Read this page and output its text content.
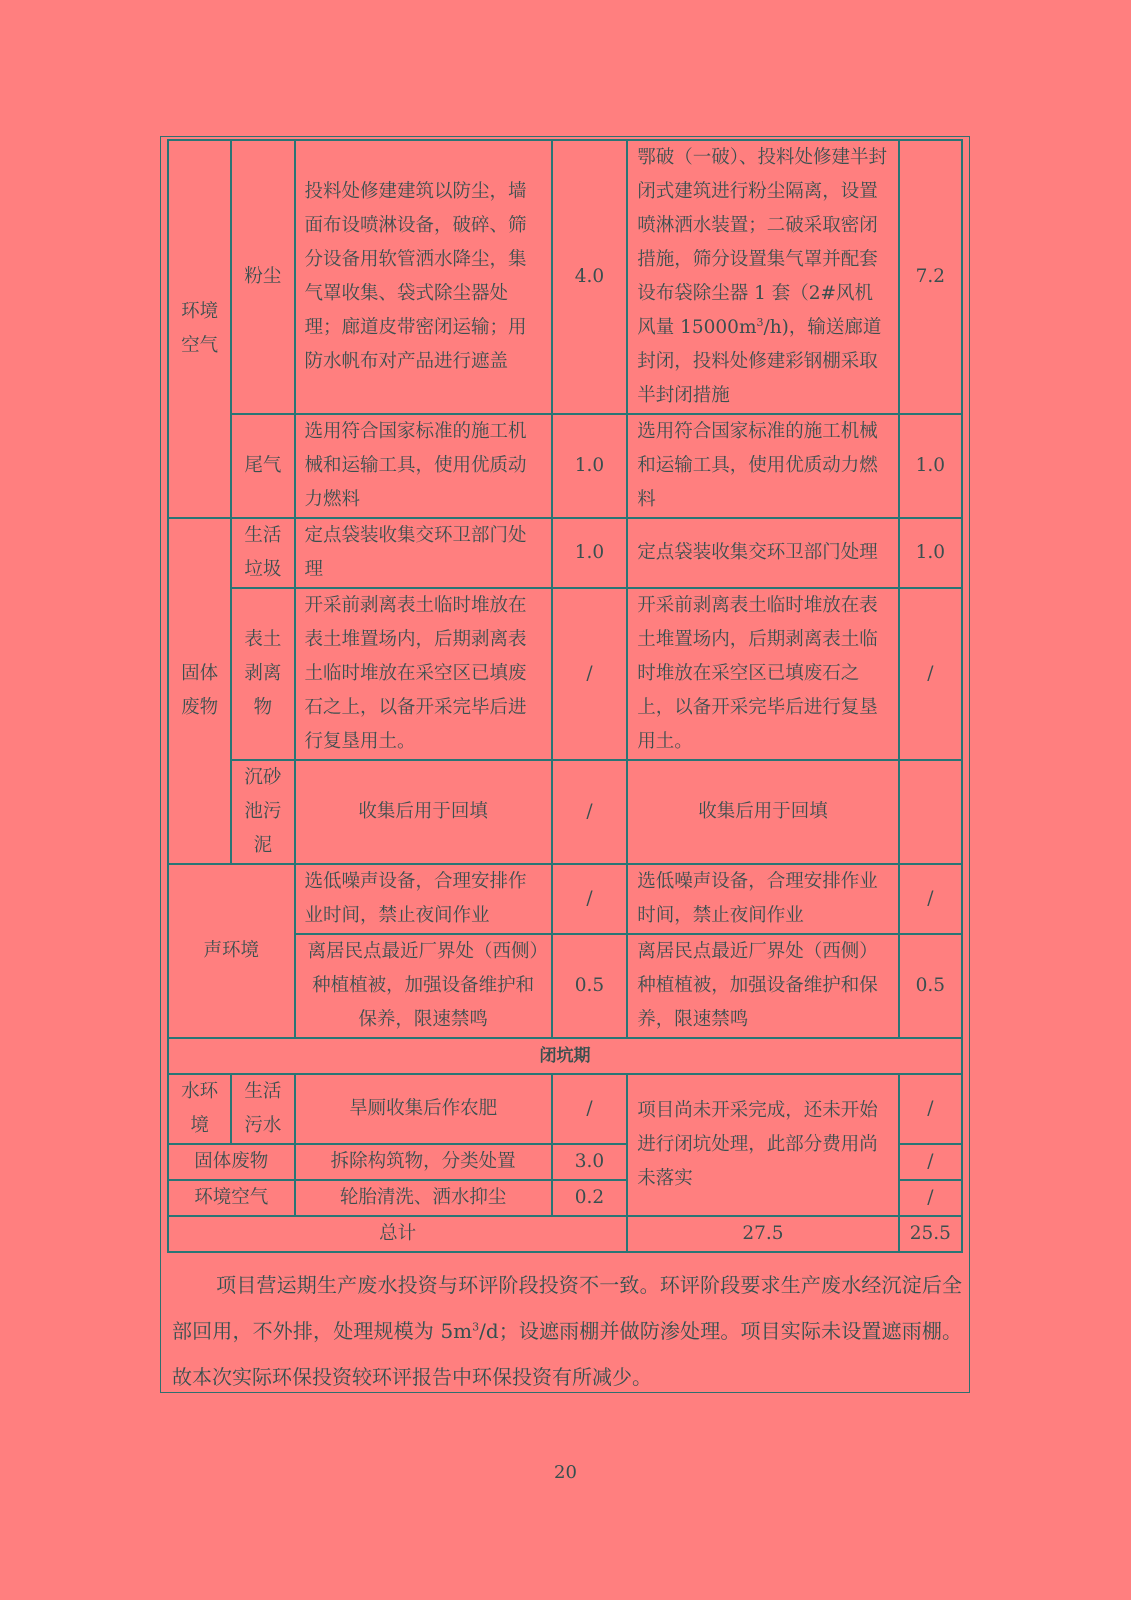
环境空气	粉尘	投料处修建建筑以防尘，墙面布设喷淋设备，破碎、筛分设备用软管洒水降尘，集气罩收集、袋式除尘器处理；廊道皮带密闭运输；用防水帆布对产品进行遮盖	4.0	鄂破（一破）、投料处修建半封闭式建筑进行粉尘隔离，设置喷淋洒水装置；二破采取密闭措施，筛分设置集气罩并配套设布袋除尘器 1 套（2#风机风量 $15000m^3/h$)，输送廊道封闭，投料处修建彩钢棚采取半封闭措施	7.2
	尾气	选用符合国家标准的施工机械和运输工具，使用优质动力燃料	1.0	选用符合国家标准的施工机械和运输工具，使用优质动力燃料	1.0
固体废物	生活垃圾	定点袋装收集交环卫部门处理	1.0	定点袋装收集交环卫部门处理	1.0
	表土剥离物	开采前剥离表土临时堆放在表土堆置场内，后期剥离表土临时堆放在采空区已填废石之上，以备开采完毕后进行复垦用土。	/	开采前剥离表土临时堆放在表土堆置场内，后期剥离表土临时堆放在采空区已填废石之上，以备开采完毕后进行复垦用土。	/
	沉砂池污泥	收集后用于回填	/	收集后用于回填	
声环境		选低噪声设备，合理安排作业时间，禁止夜间作业	/	选低噪声设备，合理安排作业时间，禁止夜间作业	/
		离居民点最近厂界处（西侧）种植植被，加强设备维护和保养，限速禁鸣	0.5	离居民点最近厂界处（西侧）种植植被，加强设备维护和保养，限速禁鸣	0.5
闭坑期					
水环境	生活污水	旱厕收集后作农肥	/	项目尚未开采完成，还未开始进行闭坑处理，此部分费用尚未落实	/
固体废物		拆除构筑物，分类处置	3.0		/
环境空气		轮胎清洗、洒水抑尘	0.2		/
总计				27.5	25.5
项目营运期生产废水投资与环评阶段投资不一致。环评阶段要求生产废水经沉淀后全部回用，不外排，处理规模为 $5m^3/d$；设遮雨棚并做防渗处理。项目实际未设置遮雨棚。故本次实际环保投资较环评报告中环保投资有所减少。
20
